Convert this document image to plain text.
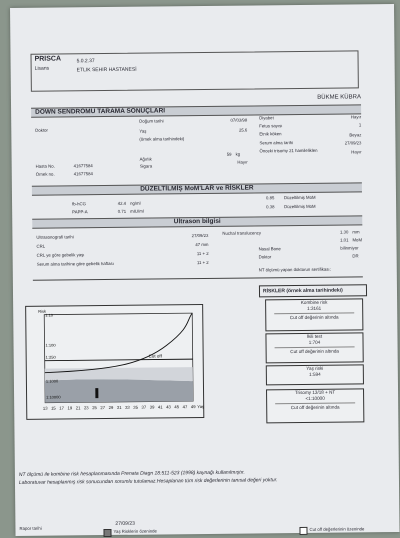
PRISCA	5.0.2.37
Lisans	ETLIK SEHIR HASTANESİ
BÜKME KÜBRA
DOWN SENDROMU TARAMA SONUÇLARI
Doktor
Doğum tarihi	07/03/98
Yaş	25.6
(örnek alma tarihindeki)
Diyabet	Hayır
Fetus sayısı	1
Etnik köken	Beyaz
Serum alma tarihi	27/09/23
Önceki trisomy 21 hamileliklen	Hayır
Ağırlık
59 kg
Sigara
Hayır
Hasta No.	41677584
Örnek no.	41677584
DÜZELTİLMİŞ MoM'LAR ve RİSKLER
fb-hCG	42.4 ng/ml
0.85 Düzeltilmiş MoM
PAPP-A	0.71 mIU/ml
0.38 Düzeltilmiş MoM
Ultrason bilgisi
Ultrasonografi tarihi	27/09/23
CRL	47 mm
CRL ye göre gebelik yaşı	11 + 2
Serum alma tarihine göre gebelik haftası	11 + 2
Nuchal translucency	1.30 mm
1.01 MoM
Nasal Bone	bilinmiyor
Doktor	DR
NT ölçümü yapan doktorun sertifikası:
Cut off
1:10
1:100
1:250
1:1000
1:10000
Risk
13 15 17 19 21 23 25 27 29 31 33 35 37 39 41 43 45 47 49 Yaş
RİSKLER (örnek alma tarihindeki)
Kombine risk
1:3161
Cut off değerinin altında
İkili test
1:704
Cut off değerinin altında
Yaş riski
1:594
Trisomy 13/18 + NT
<1:10000
Cut off değerinin altında
NT ölçümü ile kombine risk hesaplanmasında Prenata Diagn 18:511-523 (1998) kaynağı kullanılmıştır.
Laboratuvar hesaplanmış risk sonucundan sorumlu tutulamaz.Hesaplanan tüm risk değerlerinin tanısal değeri yoktur.
Rapor tarihi
27/09/23
Yaş Risklerin özeninde	Cut off değerlerinin özeninde
